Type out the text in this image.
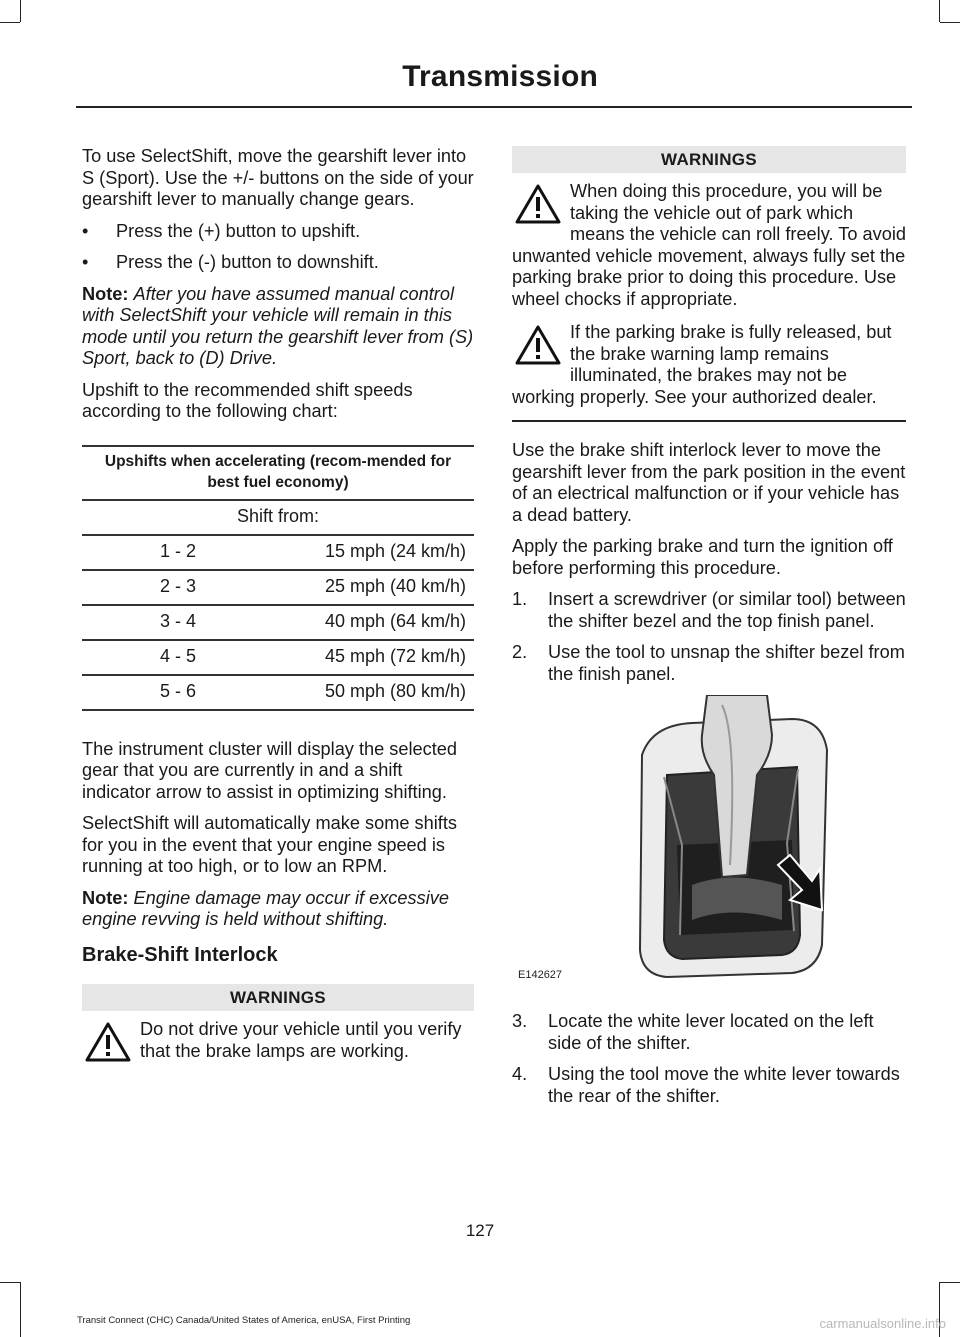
Transmission

To use SelectShift, move the gearshift lever into S (Sport). Use the +/- buttons on the side of your gearshift lever to manually change gears.

• Press the (+) button to upshift.
• Press the (-) button to downshift.

Note: After you have assumed manual control with SelectShift your vehicle will remain in this mode until you return the gearshift lever from (S) Sport, back to (D) Drive.

Upshift to the recommended shift speeds according to the following chart:

Upshifts when accelerating (recom-mended for best fuel economy)	
Shift from:	
1 - 2	15 mph (24 km/h)
2 - 3	25 mph (40 km/h)
3 - 4	40 mph (64 km/h)
4 - 5	45 mph (72 km/h)
5 - 6	50 mph (80 km/h)

The instrument cluster will display the selected gear that you are currently in and a shift indicator arrow to assist in optimizing shifting.

SelectShift will automatically make some shifts for you in the event that your engine speed is running at too high, or to low an RPM.

Note: Engine damage may occur if excessive engine revving is held without shifting.

Brake-Shift Interlock
WARNINGS
Do not drive your vehicle until you verify that the brake lamps are working.
WARNINGS
When doing this procedure, you will be taking the vehicle out of park which means the vehicle can roll freely. To avoid unwanted vehicle movement, always fully set the parking brake prior to doing this procedure. Use wheel chocks if appropriate.
If the parking brake is fully released, but the brake warning lamp remains illuminated, the brakes may not be working properly. See your authorized dealer.

Use the brake shift interlock lever to move the gearshift lever from the park position in the event of an electrical malfunction or if your vehicle has a dead battery.

Apply the parking brake and turn the ignition off before performing this procedure.

1. Insert a screwdriver (or similar tool) between the shifter bezel and the top finish panel.
2. Use the tool to unsnap the shifter bezel from the finish panel.
E142627
3. Locate the white lever located on the left side of the shifter.
4. Using the tool move the white lever towards the rear of the shifter.
127
Transit Connect (CHC) Canada/United States of America, enUSA, First Printing	carmanualsonline.info
